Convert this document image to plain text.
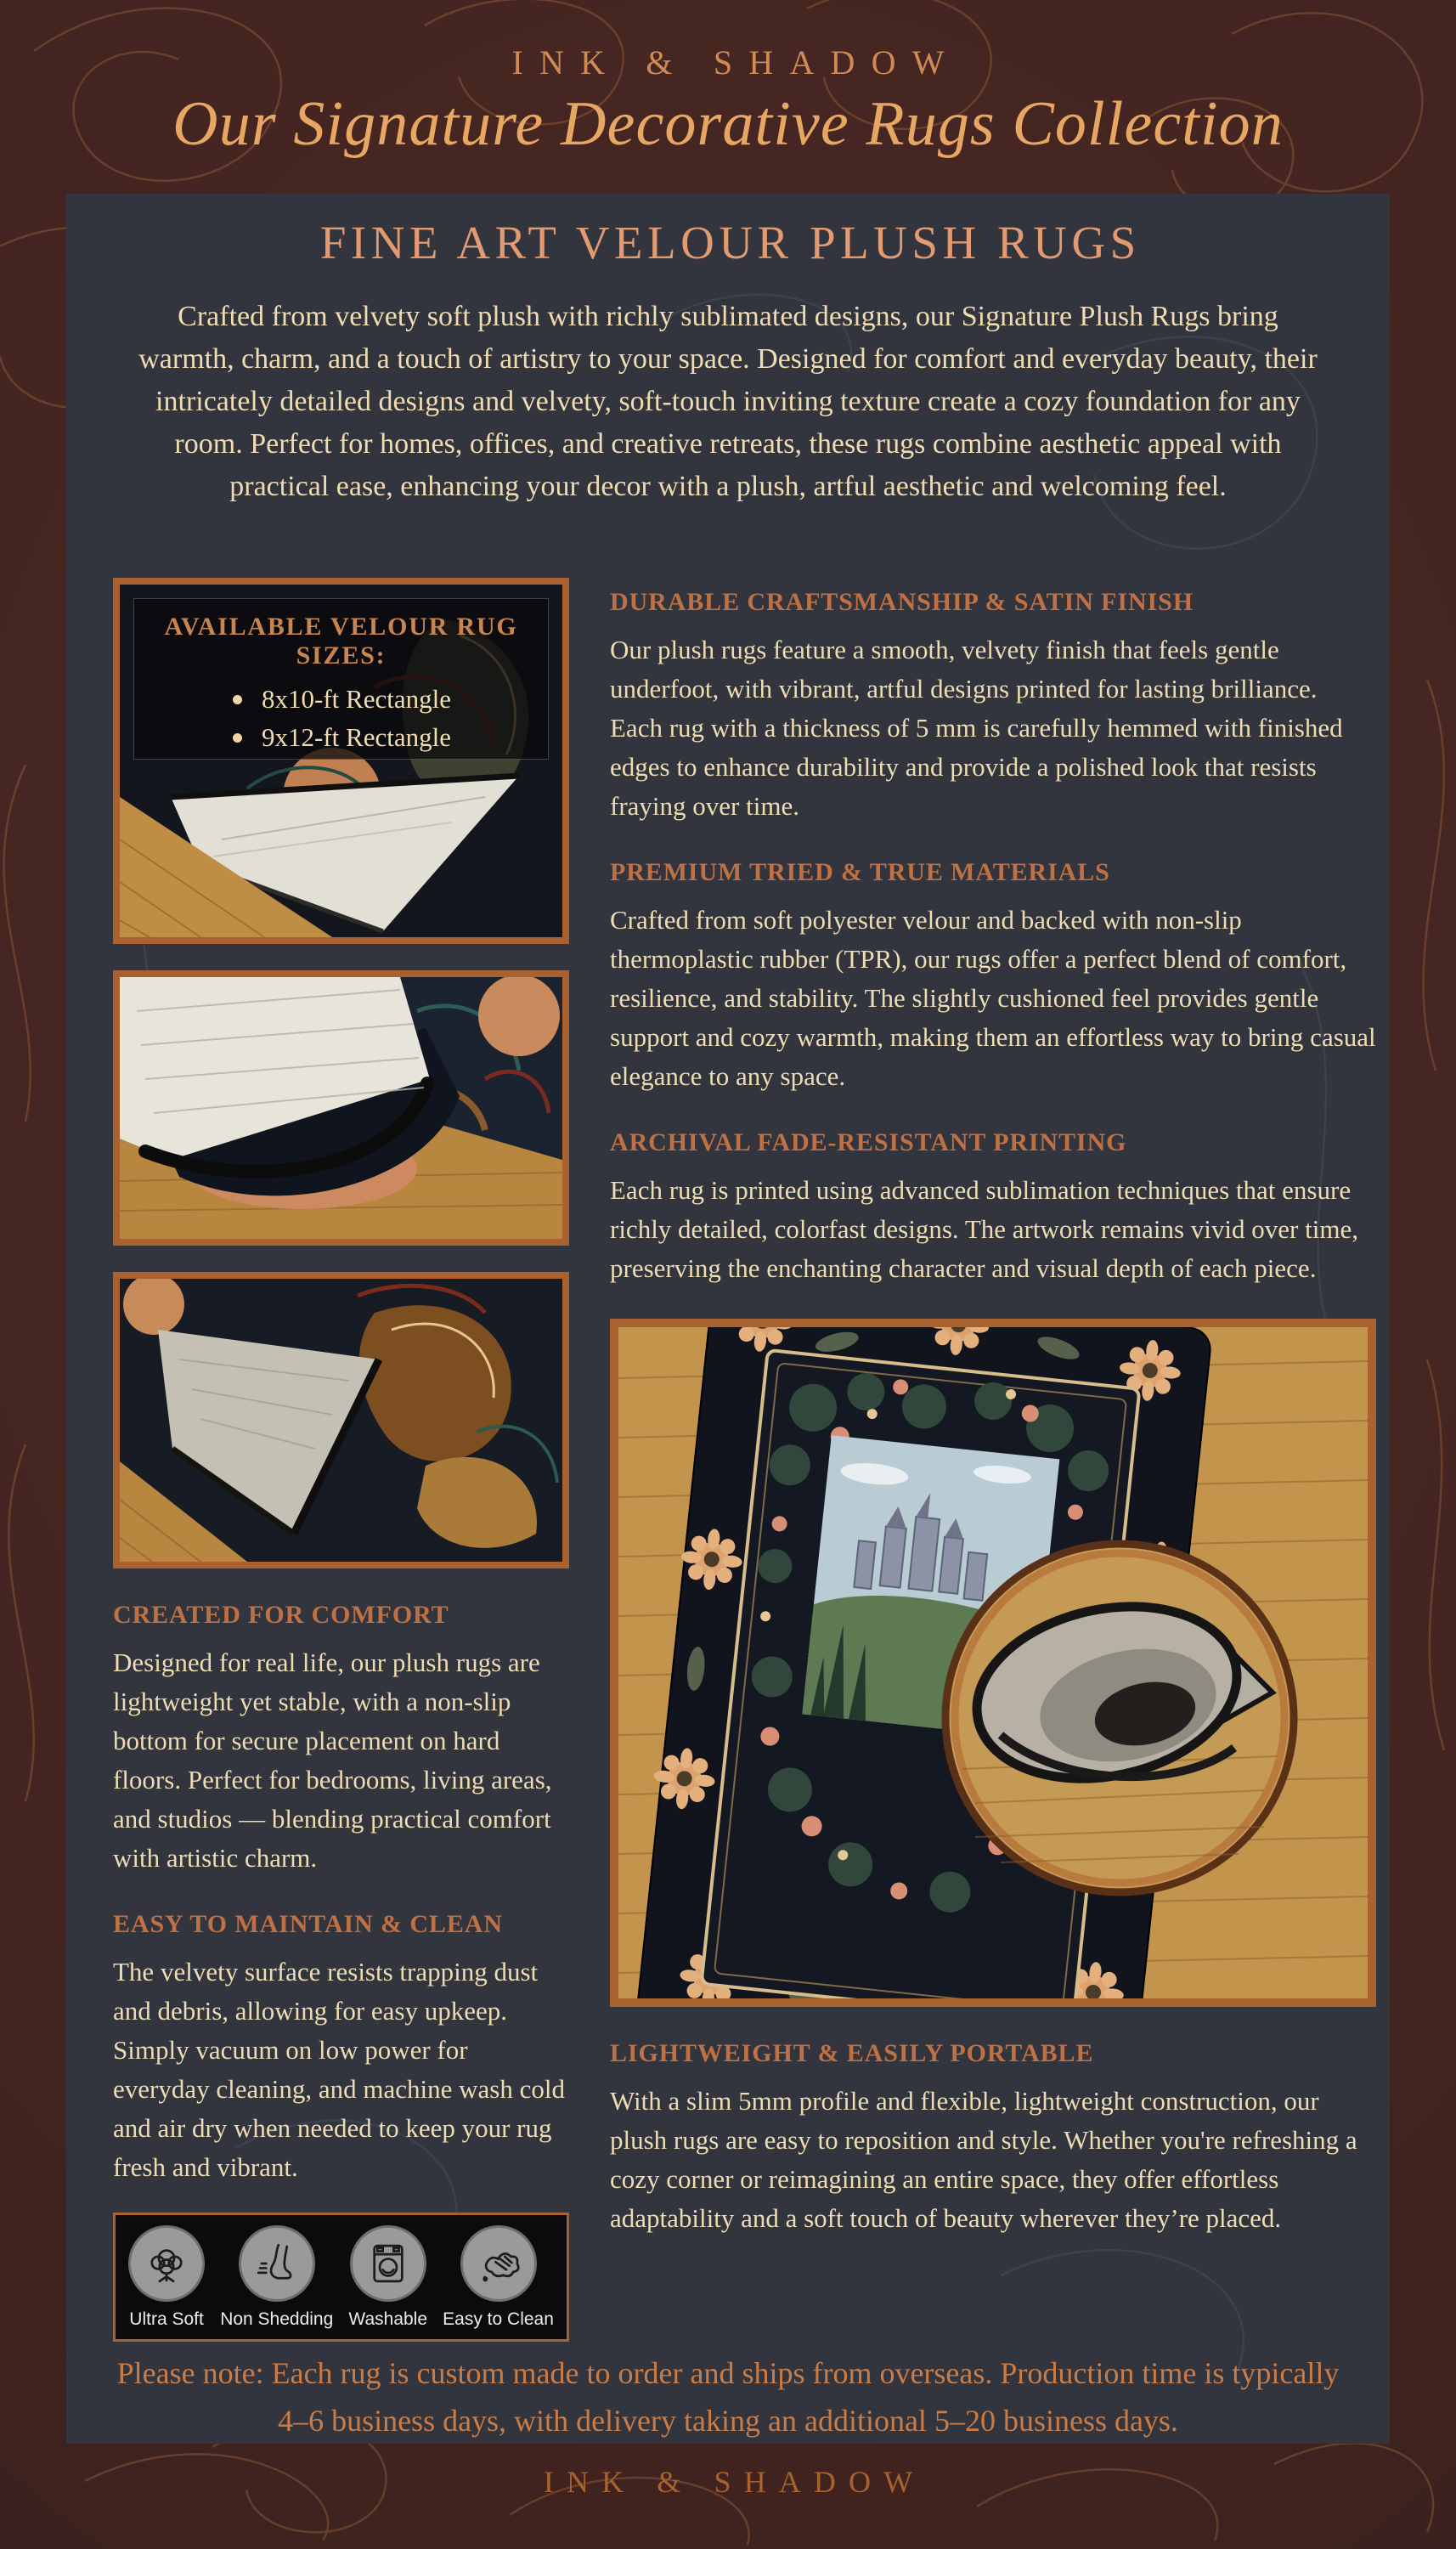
INK & SHADOW
Our Signature Decorative Rugs Collection
FINE ART VELOUR PLUSH RUGS
Crafted from velvety soft plush with richly sublimated designs, our Signature Plush Rugs bring warmth, charm, and a touch of artistry to your space. Designed for comfort and everyday beauty, their intricately detailed designs and velvety, soft-touch inviting texture create a cozy foundation for any room. Perfect for homes, offices, and creative retreats, these rugs combine aesthetic appeal with practical ease, enhancing your decor with a plush, artful aesthetic and welcoming feel.
AVAILABLE VELOUR RUG SIZES:
8x10-ft Rectangle
9x12-ft Rectangle
CREATED FOR COMFORT

Designed for real life, our plush rugs are lightweight yet stable, with a non-slip bottom for secure placement on hard floors. Perfect for bedrooms, living areas, and studios — blending practical comfort with artistic charm.

EASY TO MAINTAIN & CLEAN

The velvety surface resists trapping dust and debris, allowing for easy upkeep. Simply vacuum on low power for everyday cleaning, and machine wash cold and air dry when needed to keep your rug fresh and vibrant.

Ultra Soft Non Shedding Washable Easy to Clean
DURABLE CRAFTSMANSHIP & SATIN FINISH

Our plush rugs feature a smooth, velvety finish that feels gentle underfoot, with vibrant, artful designs printed for lasting brilliance. Each rug with a thickness of 5 mm is carefully hemmed with finished edges to enhance durability and provide a polished look that resists fraying over time.

PREMIUM TRIED & TRUE MATERIALS

Crafted from soft polyester velour and backed with non-slip thermoplastic rubber (TPR), our rugs offer a perfect blend of comfort, resilience, and stability. The slightly cushioned feel provides gentle support and cozy warmth, making them an effortless way to bring casual elegance to any space.

ARCHIVAL FADE-RESISTANT PRINTING

Each rug is printed using advanced sublimation techniques that ensure richly detailed, colorfast designs. The artwork remains vivid over time, preserving the enchanting character and visual depth of each piece.

LIGHTWEIGHT & EASILY PORTABLE

With a slim 5mm profile and flexible, lightweight construction, our plush rugs are easy to reposition and style. Whether you're refreshing a cozy corner or reimagining an entire space, they offer effortless adaptability and a soft touch of beauty wherever they’re placed.

Please note: Each rug is custom made to order and ships from overseas. Production time is typically 4–6 business days, with delivery taking an additional 5–20 business days.
INK & SHADOW
